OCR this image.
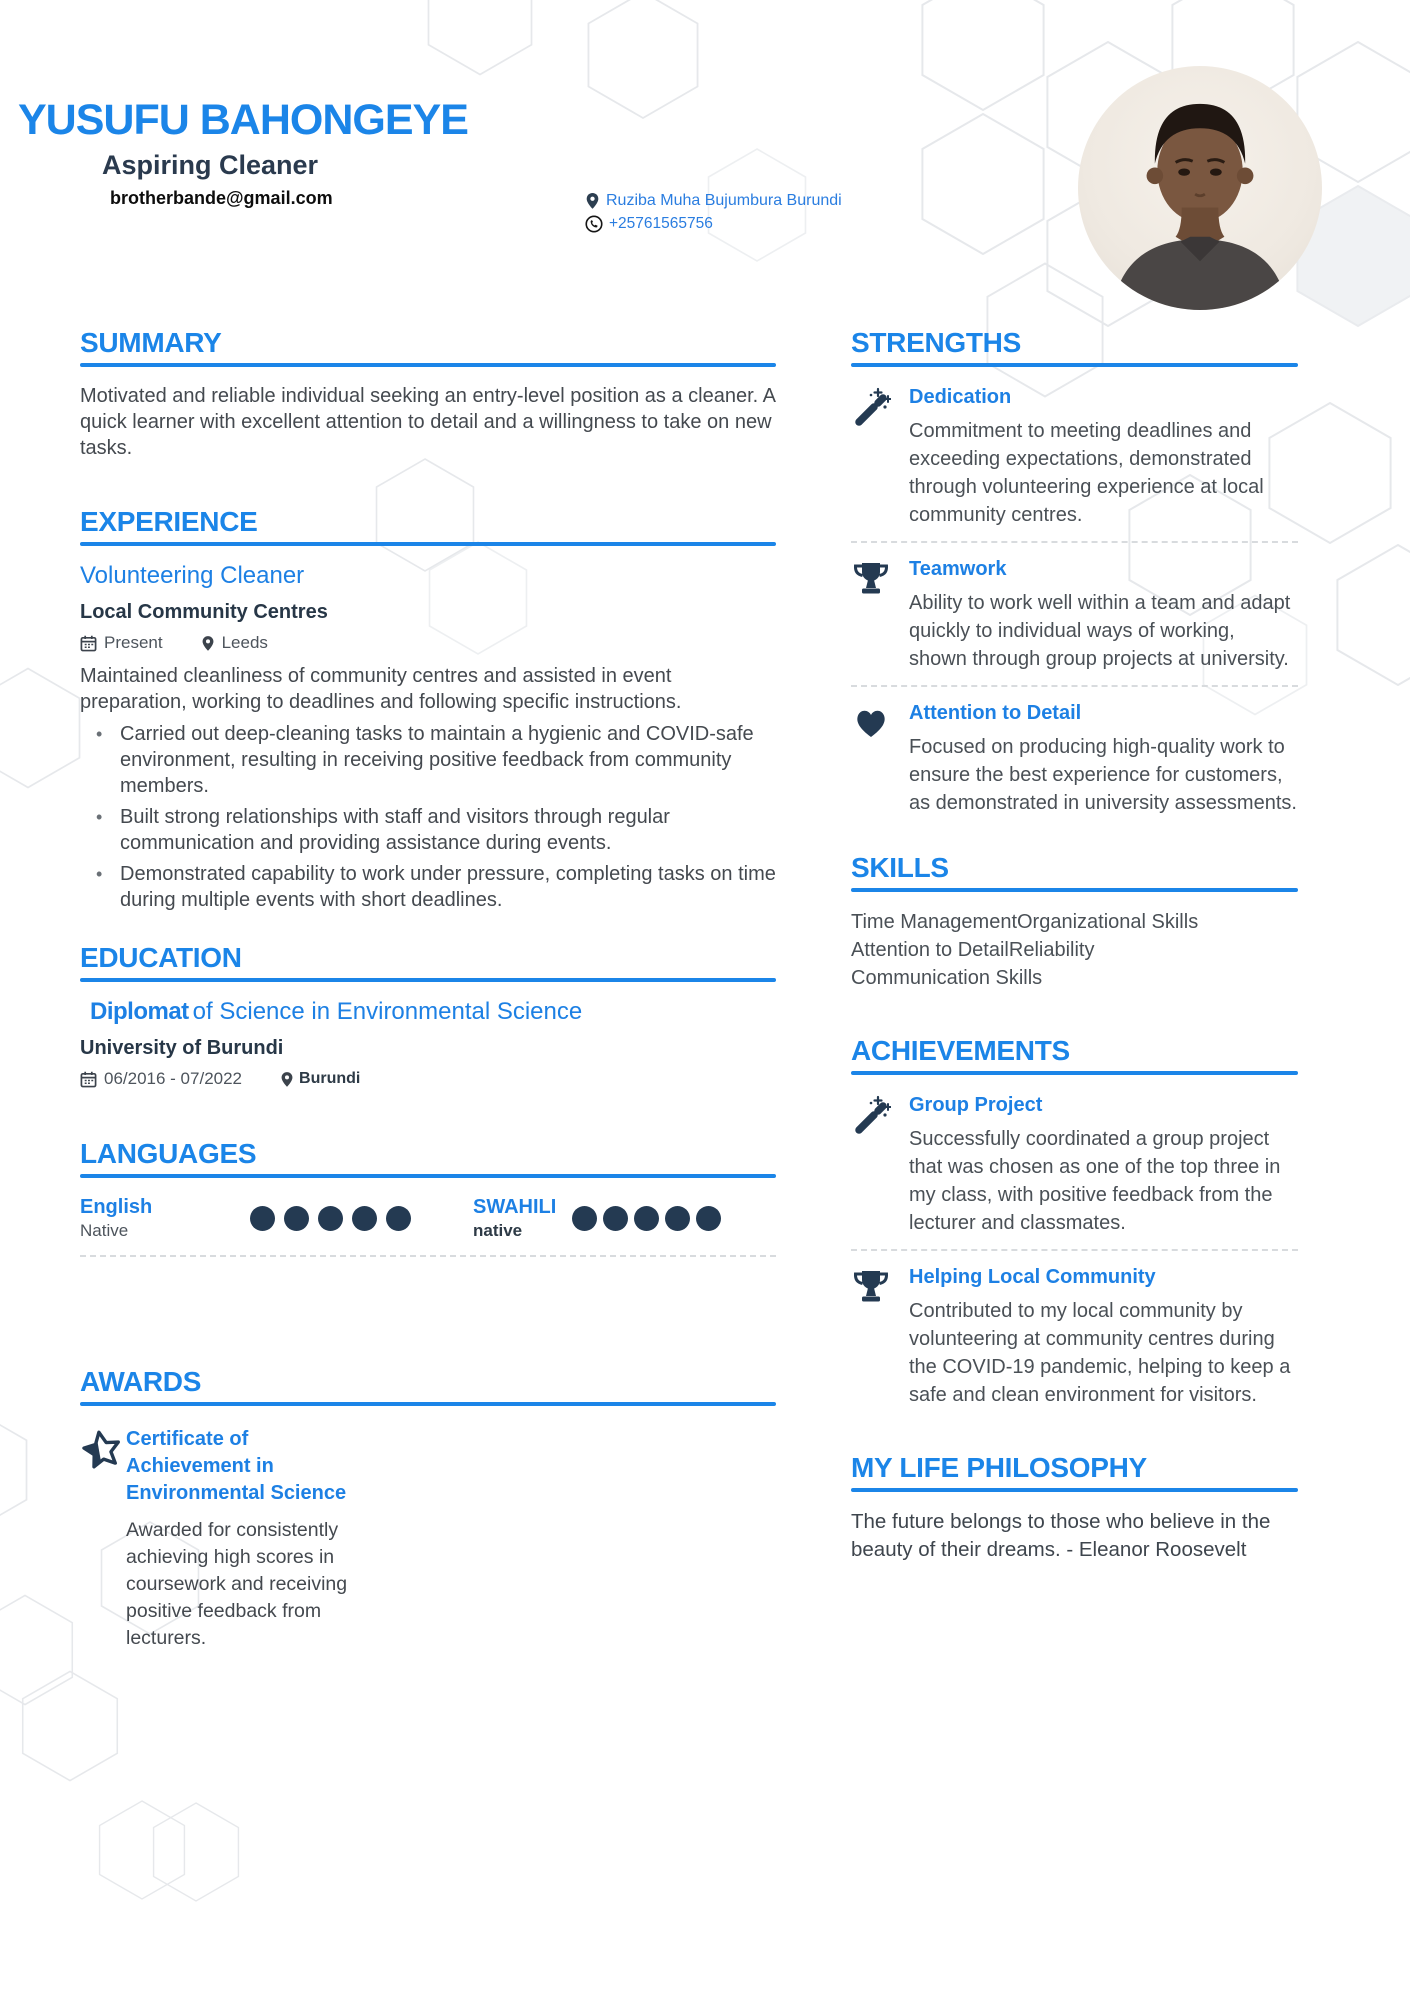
YUSUFU BAHONGEYE
Aspiring Cleaner
brotherbande@gmail.com	Ruziba Muha Bujumbura Burundi
+25761565756
SUMMARY

Motivated and reliable individual seeking an entry-level position as a cleaner. A quick learner with excellent attention to detail and a willingness to take on new tasks.

EXPERIENCE
Volunteering Cleaner
Local Community Centres
Present	Leeds

Maintained cleanliness of community centres and assisted in event preparation, working to deadlines and following specific instructions.

• Carried out deep-cleaning tasks to maintain a hygienic and COVID-safe environment, resulting in receiving positive feedback from community members.
• Built strong relationships with staff and visitors through regular communication and providing assistance during events.
• Demonstrated capability to work under pressure, completing tasks on time during multiple events with short deadlines.
EDUCATION
Diplomat of Science in Environmental Science
University of Burundi
06/2016 - 07/2022	Burundi
LANGUAGES
English
Native
SWAHILI
native
AWARDS
Certificate of Achievement in Environmental Science
Awarded for consistently achieving high scores in coursework and receiving positive feedback from lecturers.
STRENGTHS
Dedication
Commitment to meeting deadlines and exceeding expectations, demonstrated through volunteering experience at local community centres.
Teamwork
Ability to work well within a team and adapt quickly to individual ways of working, shown through group projects at university.
Attention to Detail
Focused on producing high-quality work to ensure the best experience for customers, as demonstrated in university assessments.
SKILLS
Time ManagementOrganizational Skills
Attention to DetailReliability
Communication Skills
ACHIEVEMENTS
Group Project
Successfully coordinated a group project that was chosen as one of the top three in my class, with positive feedback from the lecturer and classmates.
Helping Local Community
Contributed to my local community by volunteering at community centres during the COVID-19 pandemic, helping to keep a safe and clean environment for visitors.
MY LIFE PHILOSOPHY

The future belongs to those who believe in the beauty of their dreams. - Eleanor Roosevelt
